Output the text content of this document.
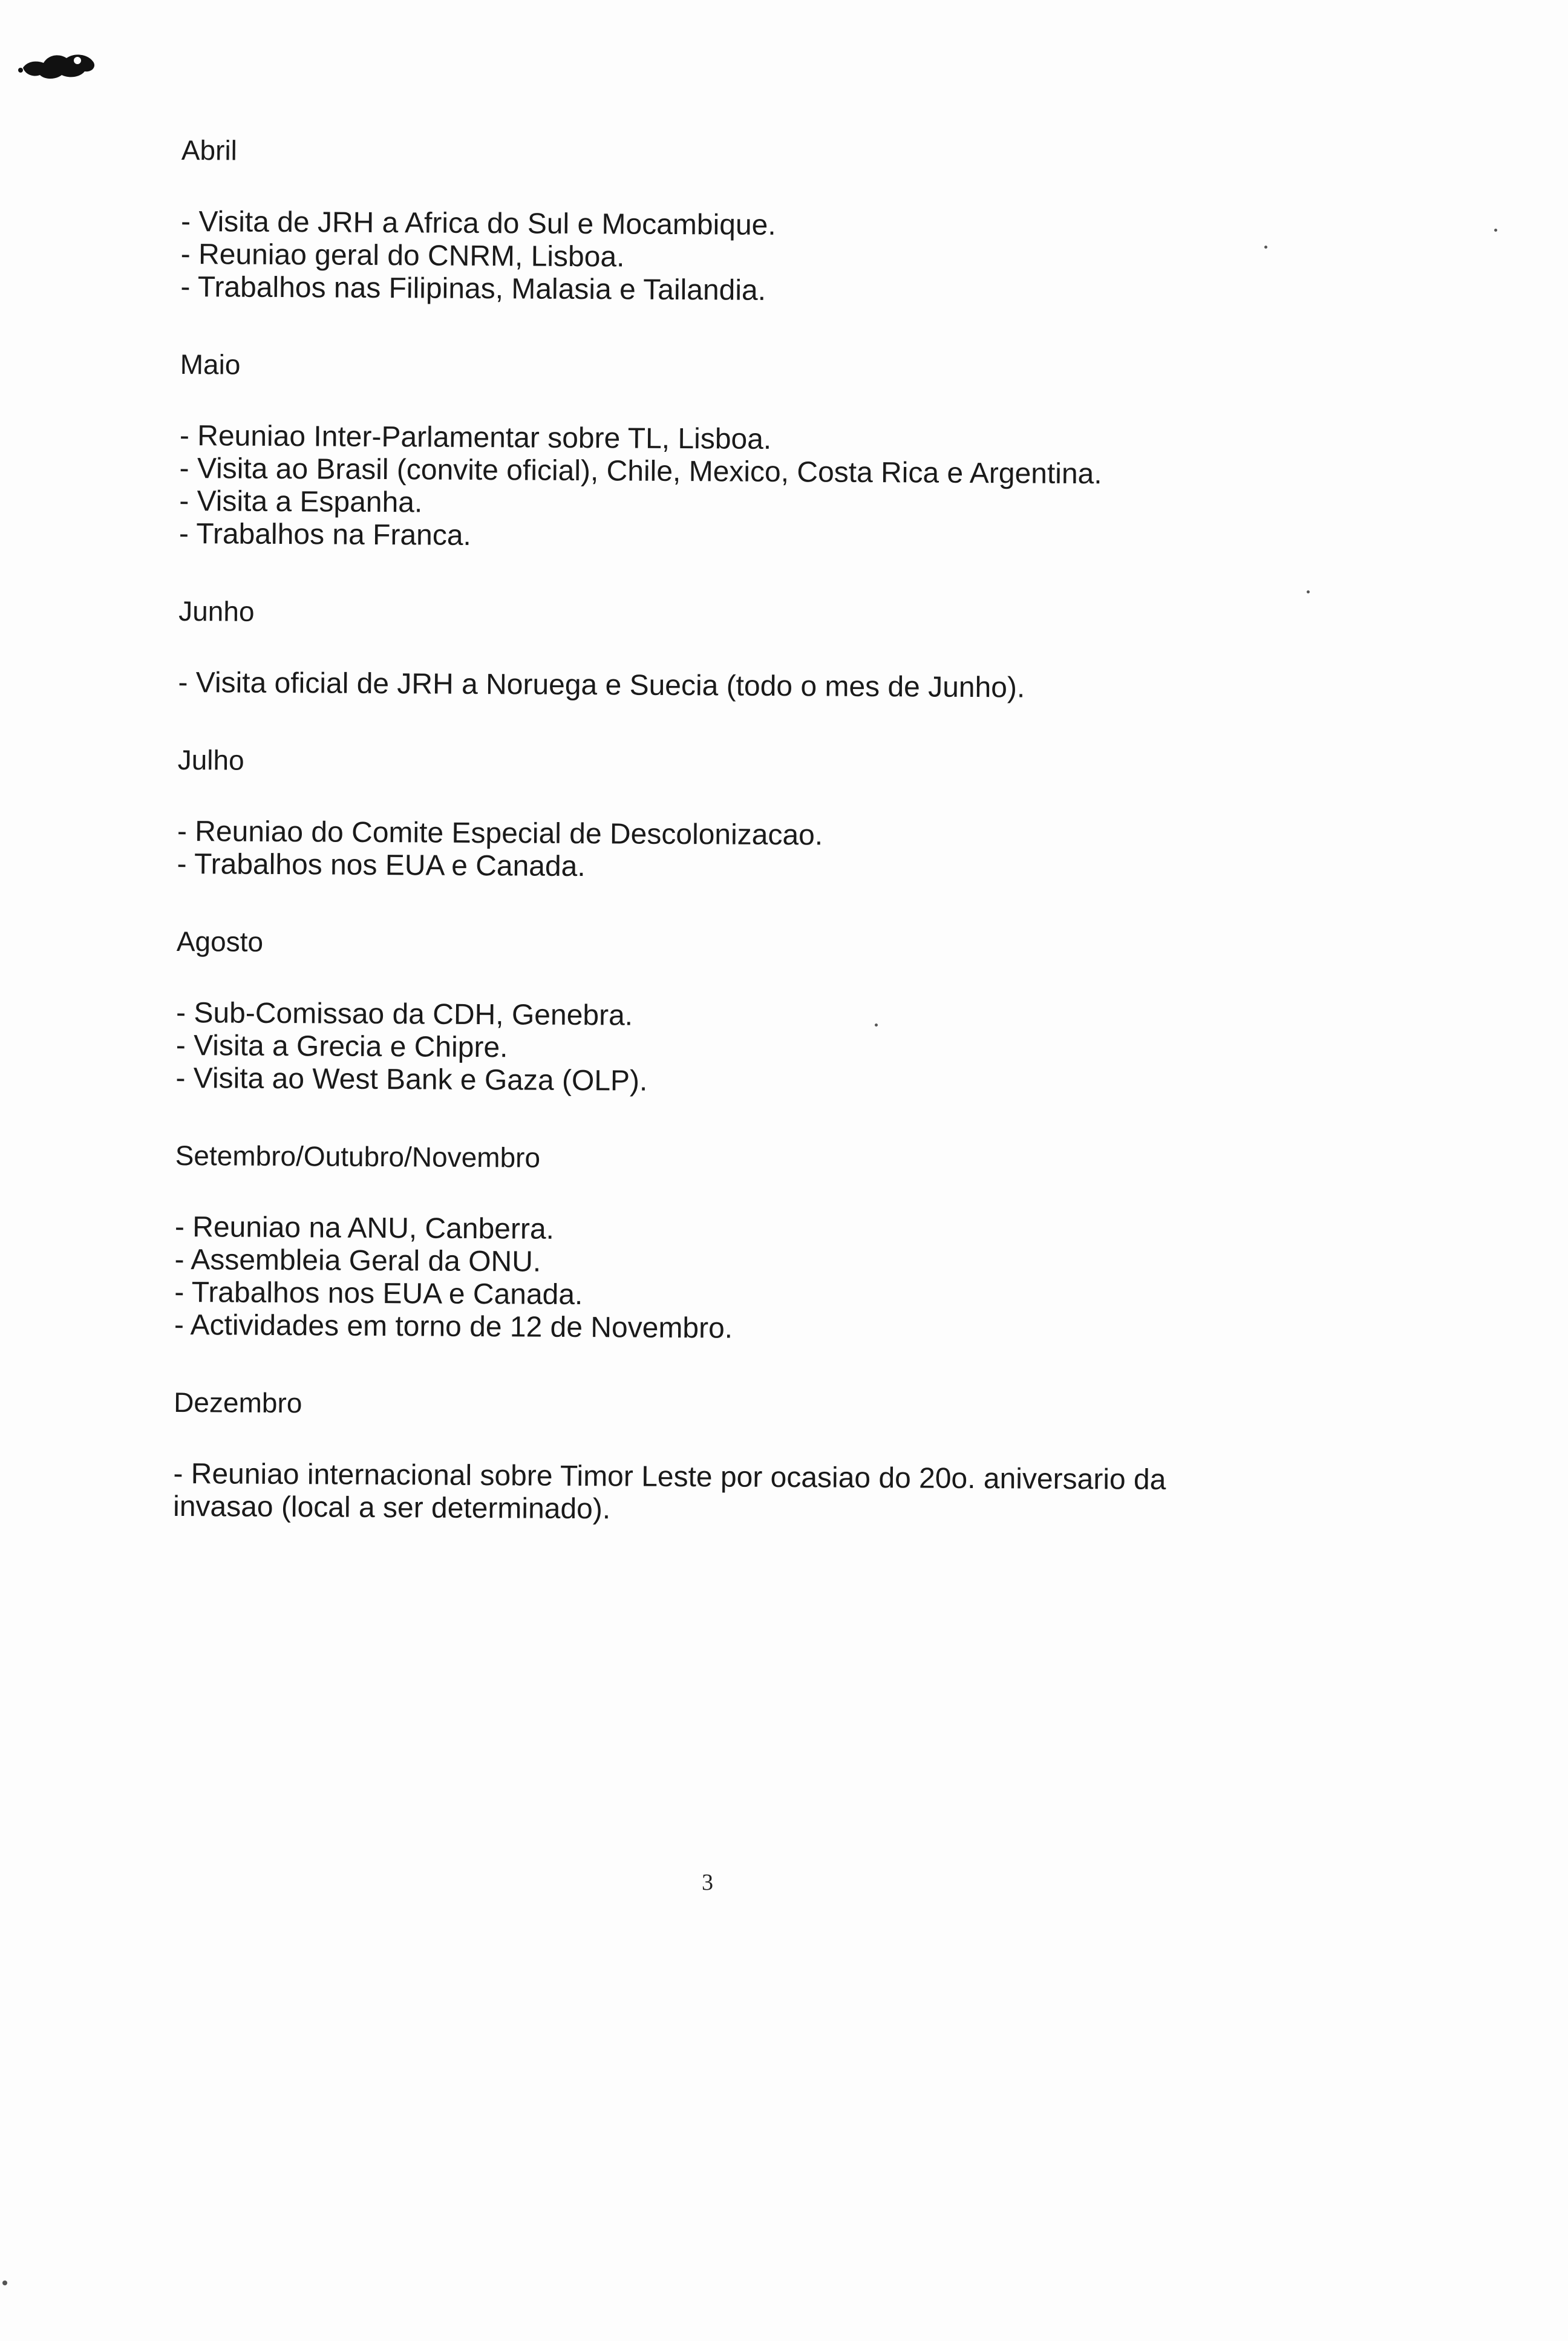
Abril
- Visita de JRH a Africa do Sul e Mocambique.
- Reuniao geral do CNRM, Lisboa.
- Trabalhos nas Filipinas, Malasia e Tailandia.
Maio
- Reuniao Inter-Parlamentar sobre TL, Lisboa.
- Visita ao Brasil (convite oficial), Chile, Mexico, Costa Rica e Argentina.
- Visita a Espanha.
- Trabalhos na Franca.
Junho
- Visita oficial de JRH a Noruega e Suecia (todo o mes de Junho).
Julho
- Reuniao do Comite Especial de Descolonizacao.
- Trabalhos nos EUA e Canada.
Agosto
- Sub-Comissao da CDH, Genebra.
- Visita a Grecia e Chipre.
- Visita ao West Bank e Gaza (OLP).
Setembro/Outubro/Novembro
- Reuniao na ANU, Canberra.
- Assembleia Geral da ONU.
- Trabalhos nos EUA e Canada.
- Actividades em torno de 12 de Novembro.
Dezembro
- Reuniao internacional sobre Timor Leste por ocasiao do 20o. aniversario da invasao (local a ser determinado).
3
